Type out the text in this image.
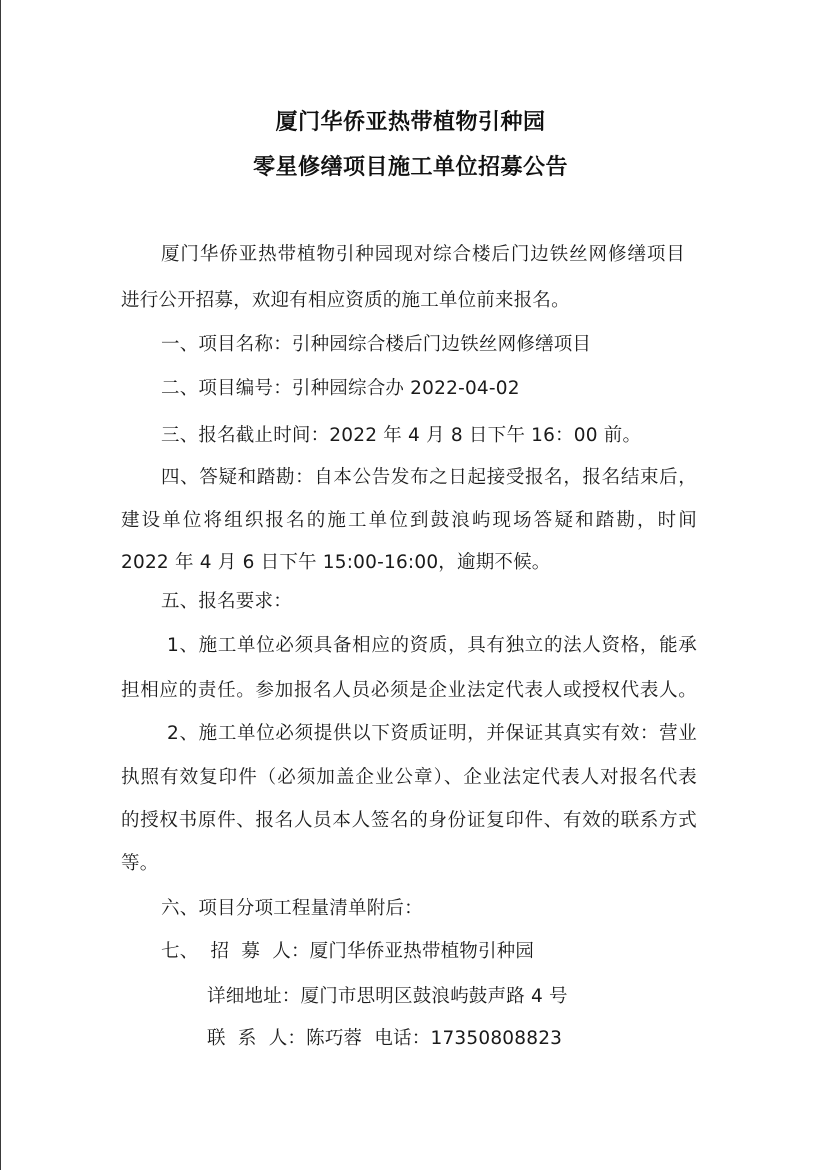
厦门华侨亚热带植物引种园
零星修缮项目施工单位招募公告
厦门华侨亚热带植物引种园现对综合楼后门边铁丝网修缮项目
进行公开招募，欢迎有相应资质的施工单位前来报名。
一、项目名称：引种园综合楼后门边铁丝网修缮项目
二、项目编号：引种园综合办 2022-04-02
三、报名截止时间：2022 年 4 月 8 日下午 16：00 前。
四、答疑和踏勘：自本公告发布之日起接受报名，报名结束后，
建设单位将组织报名的施工单位到鼓浪屿现场答疑和踏勘，时间
2022 年 4 月 6 日下午 15:00-16:00，逾期不候。
五、报名要求：
1、施工单位必须具备相应的资质，具有独立的法人资格，能承
担相应的责任。参加报名人员必须是企业法定代表人或授权代表人。
2、施工单位必须提供以下资质证明，并保证其真实有效：营业
执照有效复印件（必须加盖企业公章）、企业法定代表人对报名代表
的授权书原件、报名人员本人签名的身份证复印件、有效的联系方式
等。
六、项目分项工程量清单附后：
七、  招  募  人：厦门华侨亚热带植物引种园
详细地址：厦门市思明区鼓浪屿鼓声路 4 号
联  系  人：陈巧蓉  电话：17350808823
